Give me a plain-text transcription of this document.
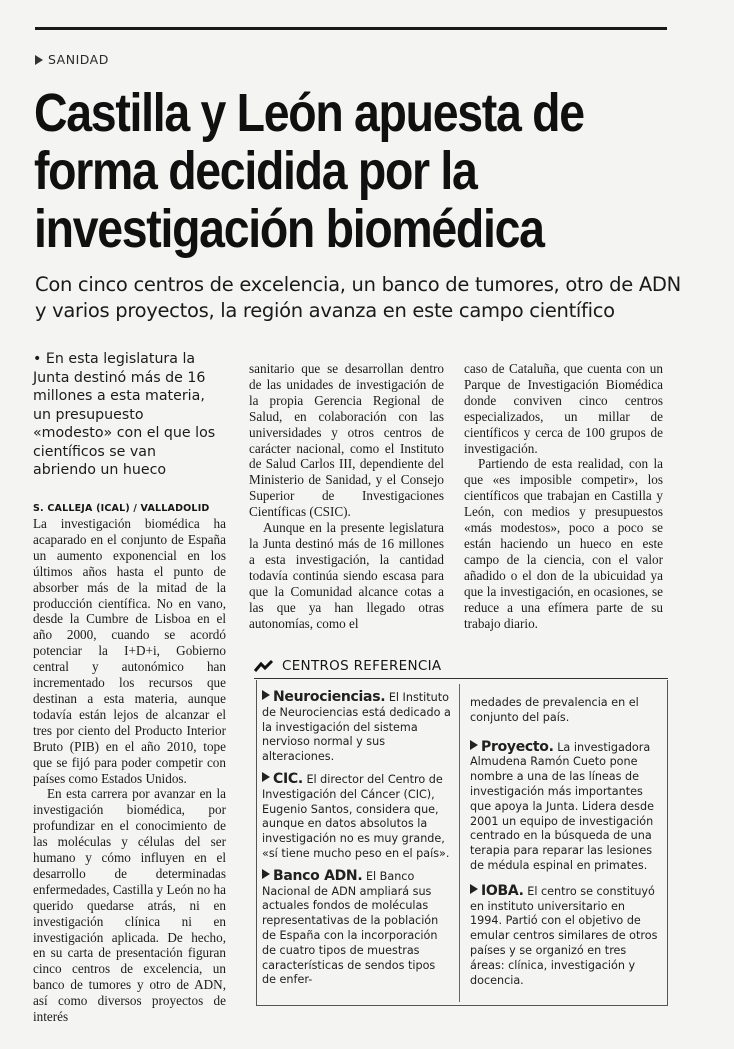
SANIDAD
Castilla y León apuesta de forma decidida por la investigación biomédica

Con cinco centros de excelencia, un banco de tumores, otro de ADN y varios proyectos, la región avanza en este campo científico

• En esta legislatura la Junta destinó más de 16 millones a esta materia, un presupuesto «modesto» con el que los científicos se van abriendo un hueco
S. CALLEJA (ICAL) / VALLADOLID

La investigación biomédica ha acaparado en el conjunto de España un aumento exponencial en los últimos años hasta el punto de absorber más de la mitad de la producción científica. No en vano, desde la Cumbre de Lisboa en el año 2000, cuando se acordó potenciar la I+D+i, Gobierno central y autonómico han incrementado los recursos que destinan a esta materia, aunque todavía están lejos de alcanzar el tres por ciento del Producto Interior Bruto (PIB) en el año 2010, tope que se fijó para poder competir con países como Estados Unidos.

En esta carrera por avanzar en la investigación biomédica, por profundizar en el conocimiento de las moléculas y células del ser humano y cómo influyen en el desarrollo de determinadas enfermedades, Castilla y León no ha querido quedarse atrás, ni en investigación clínica ni en investigación aplicada. De hecho, en su carta de presentación figuran cinco centros de excelencia, un banco de tumores y otro de ADN, así como diversos proyectos de interés

sanitario que se desarrollan dentro de las unidades de investigación de la propia Gerencia Regional de Salud, en colaboración con las universidades y otros centros de carácter nacional, como el Instituto de Salud Carlos III, dependiente del Ministerio de Sanidad, y el Consejo Superior de Investigaciones Científicas (CSIC).

Aunque en la presente legislatura la Junta destinó más de 16 millones a esta investigación, la cantidad todavía continúa siendo escasa para que la Comunidad alcance cotas a las que ya han llegado otras autonomías, como el

caso de Cataluña, que cuenta con un Parque de Investigación Biomédica donde conviven cinco centros especializados, un millar de científicos y cerca de 100 grupos de investigación.

Partiendo de esta realidad, con la que «es imposible competir», los científicos que trabajan en Castilla y León, con medios y presupuestos «más modestos», poco a poco se están haciendo un hueco en este campo de la ciencia, con el valor añadido o el don de la ubicuidad ya que la investigación, en ocasiones, se reduce a una efímera parte de su trabajo diario.

CENTROS REFERENCIA

Neurociencias. El Instituto de Neurociencias está dedicado a la investigación del sistema nervioso normal y sus alteraciones.

CIC. El director del Centro de Investigación del Cáncer (CIC), Eugenio Santos, considera que, aunque en datos absolutos la investigación no es muy grande, «sí tiene mucho peso en el país».

Banco ADN. El Banco Nacional de ADN ampliará sus actuales fondos de moléculas representativas de la población de España con la incorporación de cuatro tipos de muestras características de sendos tipos de enfer-

medades de prevalencia en el conjunto del país.

Proyecto. La investigadora Almudena Ramón Cueto pone nombre a una de las líneas de investigación más importantes que apoya la Junta. Lidera desde 2001 un equipo de investigación centrado en la búsqueda de una terapia para reparar las lesiones de médula espinal en primates.

IOBA. El centro se constituyó en instituto universitario en 1994. Partió con el objetivo de emular centros similares de otros países y se organizó en tres áreas: clínica, investigación y docencia.
